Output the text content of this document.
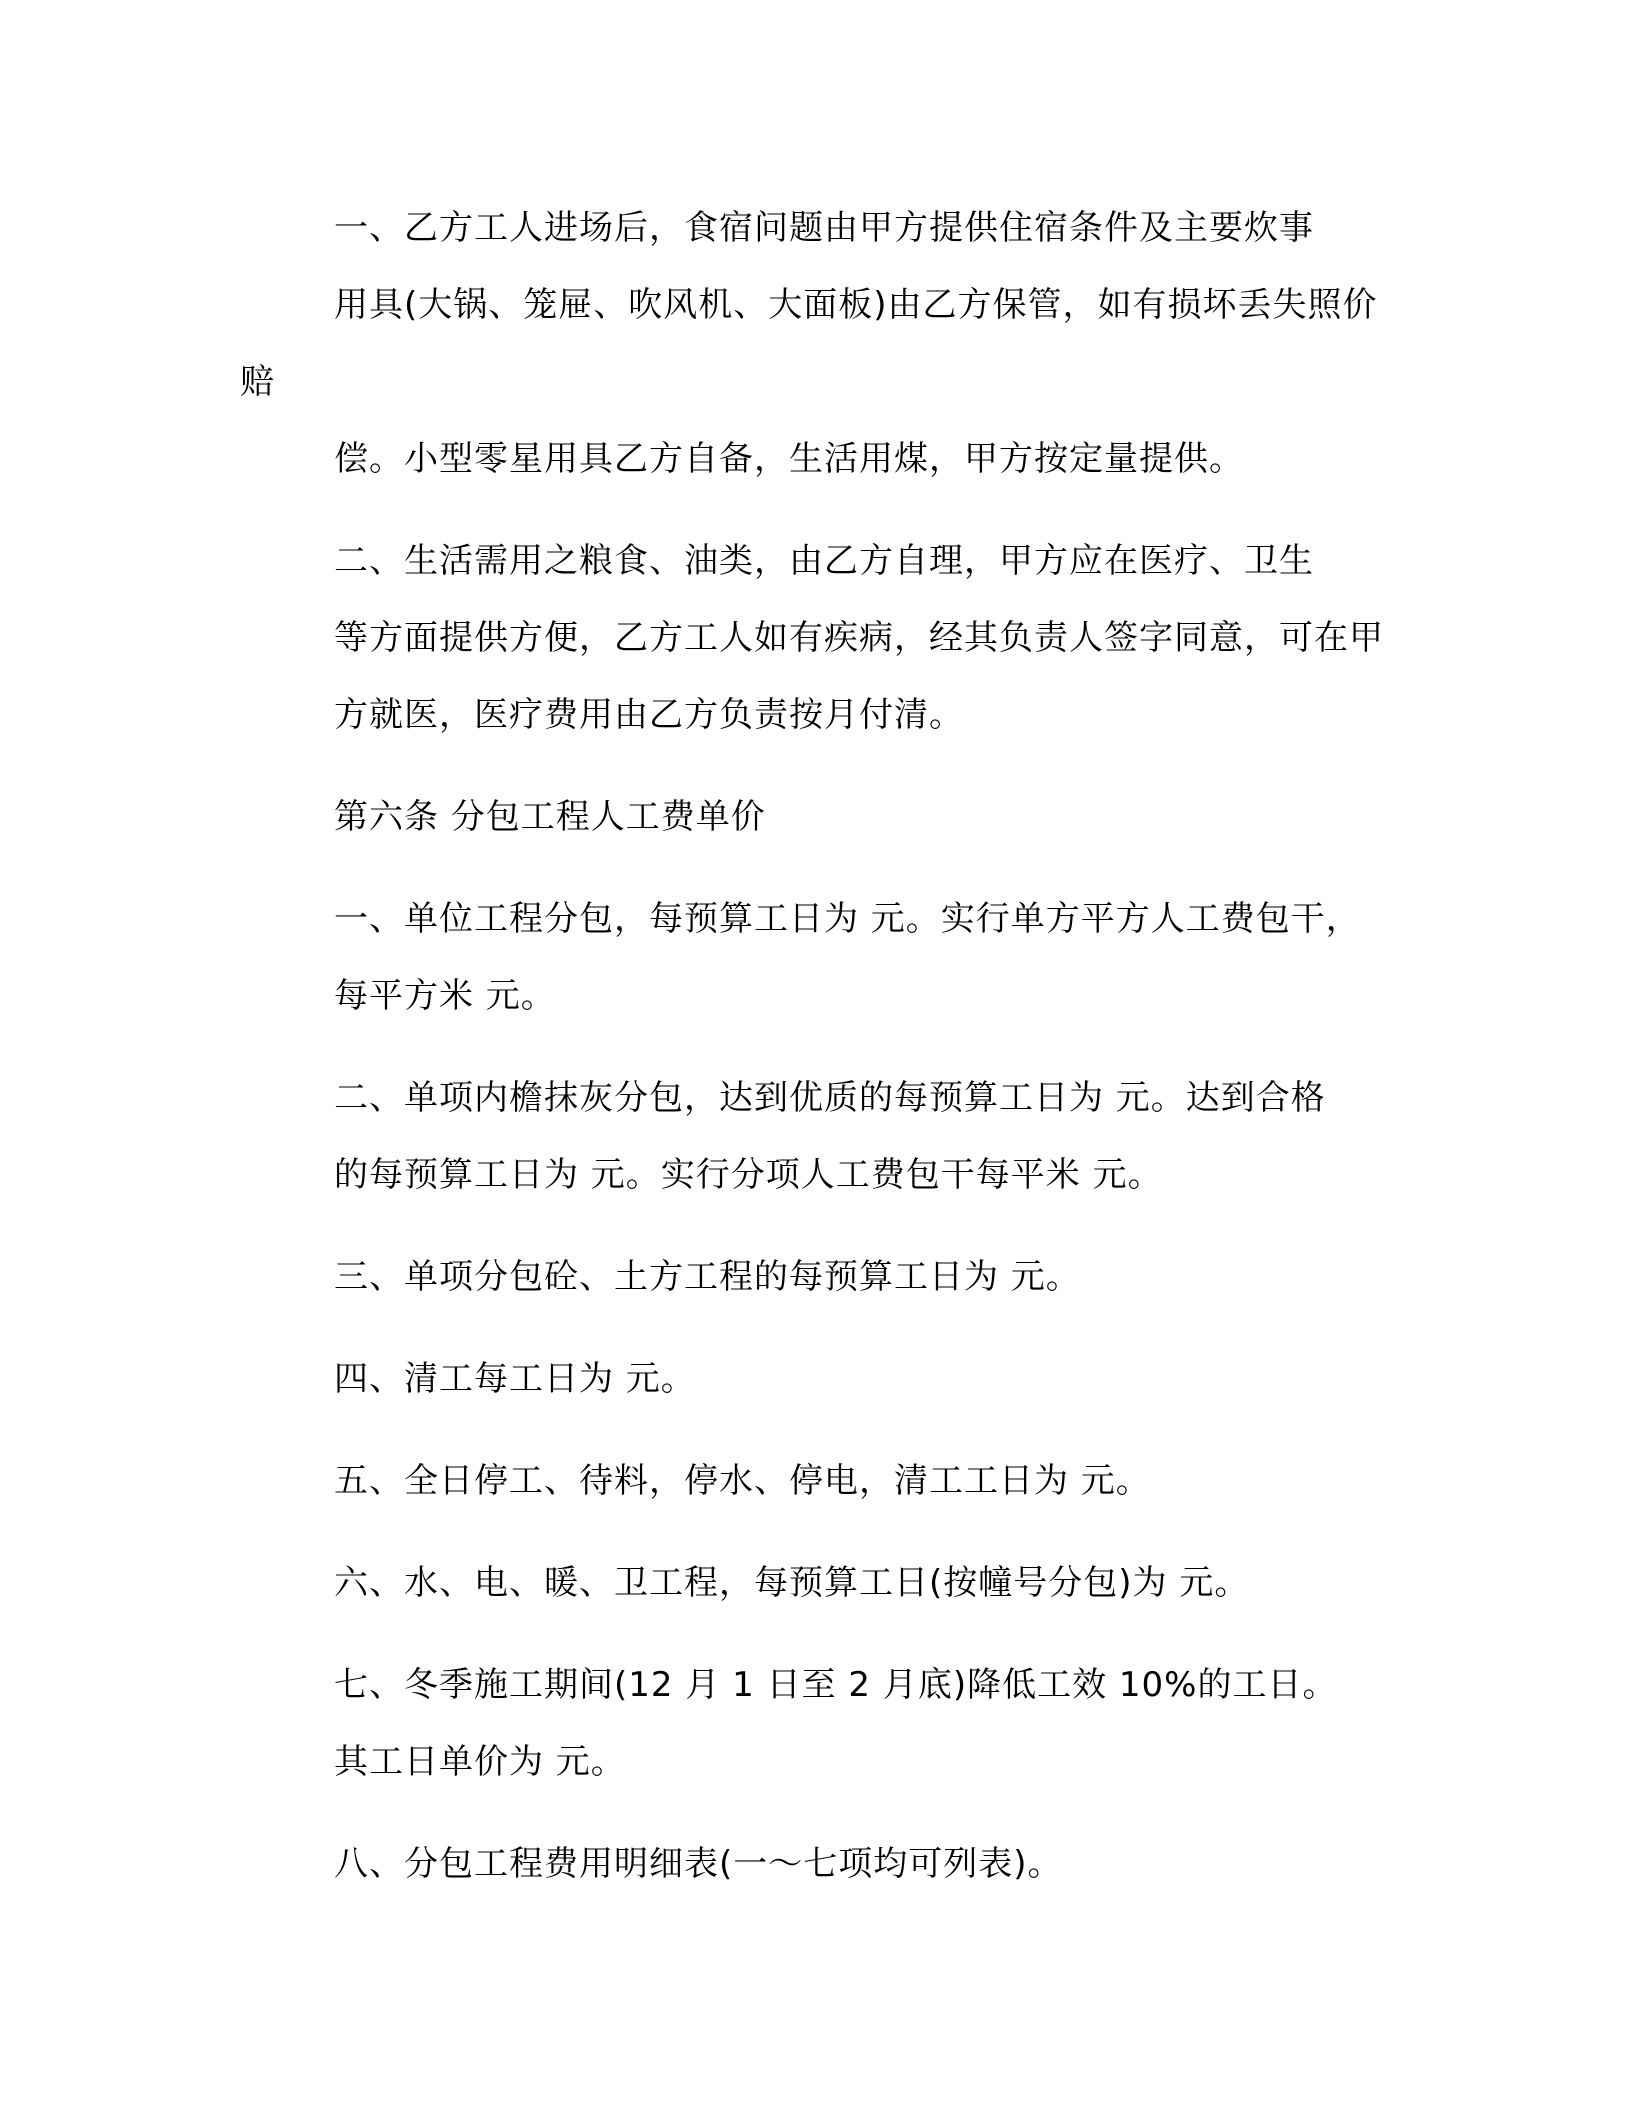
一、乙方工人进场后，食宿问题由甲方提供住宿条件及主要炊事
用具(大锅、笼屉、吹风机、大面板)由乙方保管，如有损坏丢失照价赔
偿。小型零星用具乙方自备，生活用煤，甲方按定量提供。

二、生活需用之粮食、油类，由乙方自理，甲方应在医疗、卫生
等方面提供方便，乙方工人如有疾病，经其负责人签字同意，可在甲
方就医，医疗费用由乙方负责按月付清。

第六条 分包工程人工费单价

一、单位工程分包，每预算工日为 元。实行单方平方人工费包干，
每平方米 元。

二、单项内檐抹灰分包，达到优质的每预算工日为 元。达到合格
的每预算工日为 元。实行分项人工费包干每平米 元。

三、单项分包砼、土方工程的每预算工日为 元。

四、清工每工日为 元。

五、全日停工、待料，停水、停电，清工工日为 元。

六、水、电、暖、卫工程，每预算工日(按幢号分包)为 元。

七、冬季施工期间(12 月 1 日至 2 月底)降低工效 10%的工日。
其工日单价为 元。

八、分包工程费用明细表(一～七项均可列表)。
